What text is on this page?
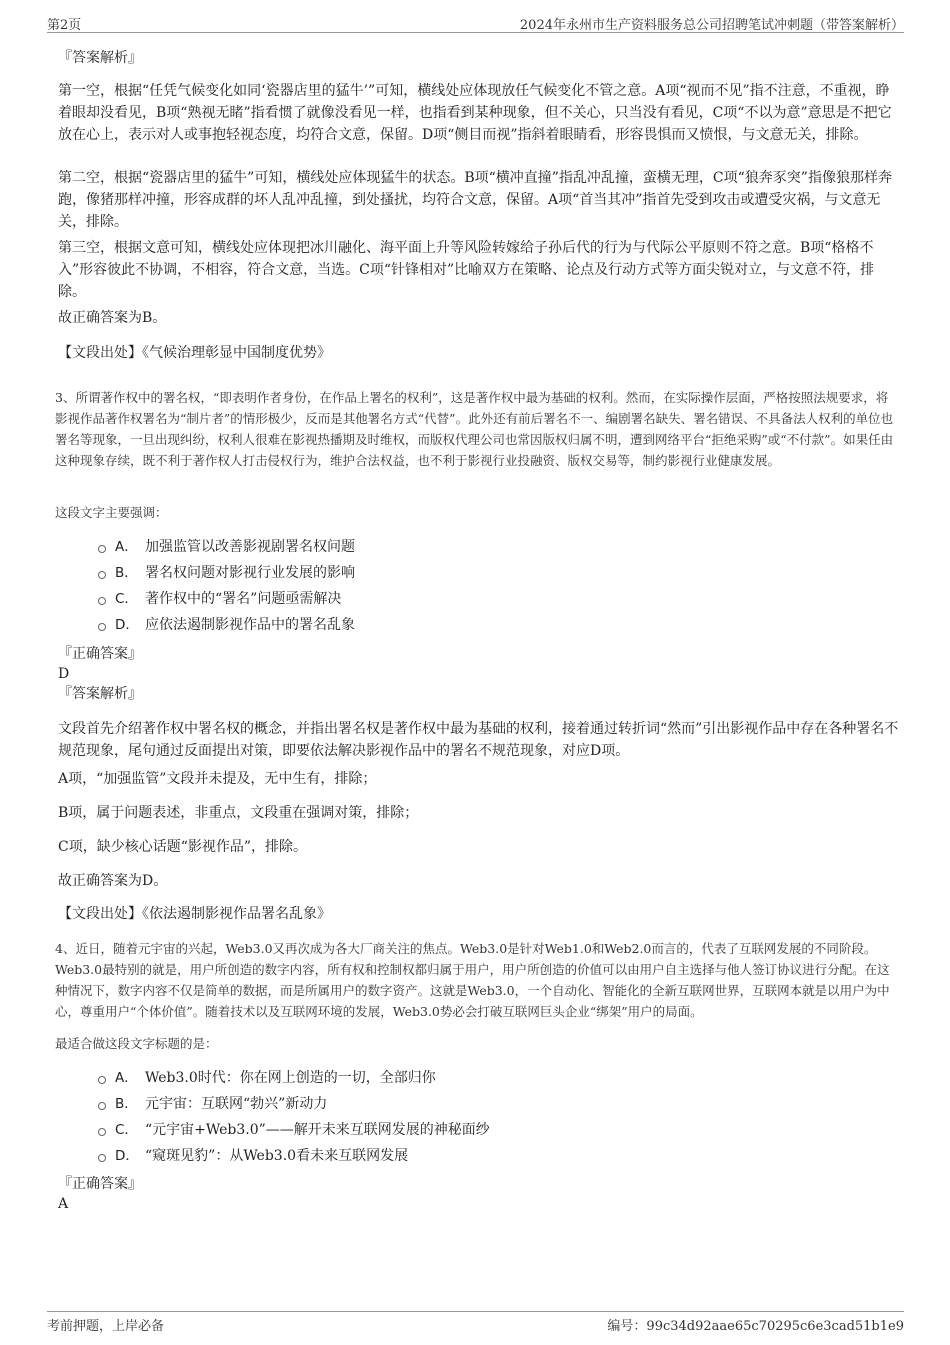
第2页	2024年永州市生产资料服务总公司招聘笔试冲刺题（带答案解析）
『答案解析』
第一空，根据“任凭气候变化如同‘瓷器店里的猛牛’”可知，横线处应体现放任气候变化不管之意。A项“视而不见”指不注意，不重视，睁着眼却没看见，B项“熟视无睹”指看惯了就像没看见一样，也指看到某种现象，但不关心，只当没有看见，C项“不以为意”意思是不把它放在心上，表示对人或事抱轻视态度，均符合文意，保留。D项“侧目而视”指斜着眼睛看，形容畏惧而又愤恨，与文意无关，排除。
第二空，根据“瓷器店里的猛牛”可知，横线处应体现猛牛的状态。B项“横冲直撞”指乱冲乱撞，蛮横无理，C项“狼奔豕突”指像狼那样奔跑，像猪那样冲撞，形容成群的坏人乱冲乱撞，到处搔扰，均符合文意，保留。A项“首当其冲”指首先受到攻击或遭受灾祸，与文意无关，排除。
第三空，根据文意可知，横线处应体现把冰川融化、海平面上升等风险转嫁给子孙后代的行为与代际公平原则不符之意。B项“格格不入”形容彼此不协调，不相容，符合文意，当选。C项“针锋相对”比喻双方在策略、论点及行动方式等方面尖锐对立，与文意不符，排除。
故正确答案为B。
【文段出处】《气候治理彰显中国制度优势》
3、所谓著作权中的署名权，“即表明作者身份，在作品上署名的权利”，这是著作权中最为基础的权利。然而，在实际操作层面，严格按照法规要求，将影视作品著作权署名为“制片者”的情形极少，反而是其他署名方式“代替”。此外还有前后署名不一、编剧署名缺失、署名错误、不具备法人权利的单位也署名等现象，一旦出现纠纷，权利人很难在影视热播期及时维权，而版权代理公司也常因版权归属不明，遭到网络平台“拒绝采购”或“不付款”。如果任由这种现象存续，既不利于著作权人打击侵权行为，维护合法权益，也不利于影视行业投融资、版权交易等，制约影视行业健康发展。
这段文字主要强调：
A． 加强监管以改善影视剧署名权问题
B． 署名权问题对影视行业发展的影响
C． 著作权中的“署名”问题亟需解决
D． 应依法遏制影视作品中的署名乱象
『正确答案』
D
『答案解析』
文段首先介绍著作权中署名权的概念，并指出署名权是著作权中最为基础的权利，接着通过转折词“然而”引出影视作品中存在各种署名不规范现象，尾句通过反面提出对策，即要依法解决影视作品中的署名不规范现象，对应D项。
A项，“加强监管”文段并未提及，无中生有，排除；
B项，属于问题表述，非重点，文段重在强调对策，排除；
C项，缺少核心话题“影视作品”，排除。
故正确答案为D。
【文段出处】《依法遏制影视作品署名乱象》
4、近日，随着元宇宙的兴起，Web3.0又再次成为各大厂商关注的焦点。Web3.0是针对Web1.0和Web2.0而言的，代表了互联网发展的不同阶段。Web3.0最特别的就是，用户所创造的数字内容，所有权和控制权都归属于用户，用户所创造的价值可以由用户自主选择与他人签订协议进行分配。在这种情况下，数字内容不仅是简单的数据，而是所属用户的数字资产。这就是Web3.0，一个自动化、智能化的全新互联网世界，互联网本就是以用户为中心，尊重用户“个体价值”。随着技术以及互联网环境的发展，Web3.0势必会打破互联网巨头企业“绑架”用户的局面。
最适合做这段文字标题的是：
A． Web3.0时代：你在网上创造的一切，全部归你
B． 元宇宙：互联网“勃兴”新动力
C． “元宇宙+Web3.0”——解开未来互联网发展的神秘面纱
D． “窥斑见豹”：从Web3.0看未来互联网发展
『正确答案』
A
考前押题，上岸必备	编号：99c34d92aae65c70295c6e3cad51b1e9
